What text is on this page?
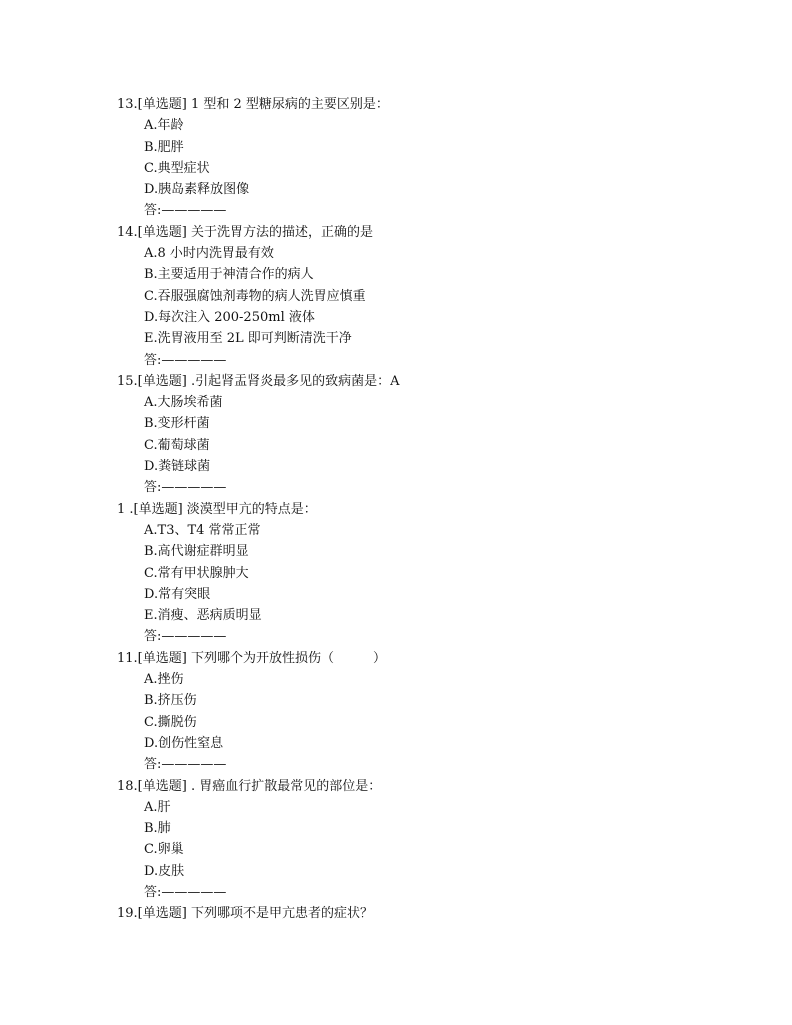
13.[单选题] 1 型和 2 型糖尿病的主要区别是：
A.年龄
B.肥胖
C.典型症状
D.胰岛素释放图像
答:—————
14.[单选题] 关于洗胃方法的描述，正确的是
A.8 小时内洗胃最有效
B.主要适用于神清合作的病人
C.吞服强腐蚀剂毒物的病人洗胃应慎重
D.每次注入 200-250ml 液体
E.洗胃液用至 2L 即可判断清洗干净
答:—————
15.[单选题] .引起肾盂肾炎最多见的致病菌是：A
A.大肠埃希菌
B.变形杆菌
C.葡萄球菌
D.粪链球菌
答:—————
1 .[单选题] 淡漠型甲亢的特点是：
A.T3、T4 常常正常
B.高代谢症群明显
C.常有甲状腺肿大
D.常有突眼
E.消瘦、恶病质明显
答:—————
11.[单选题] 下列哪个为开放性损伤（　　　）
A.挫伤
B.挤压伤
C.撕脱伤
D.创伤性窒息
答:—————
18.[单选题] . 胃癌血行扩散最常见的部位是：
A.肝
B.肺
C.卵巢
D.皮肤
答:—————
19.[单选题] 下列哪项不是甲亢患者的症状？
